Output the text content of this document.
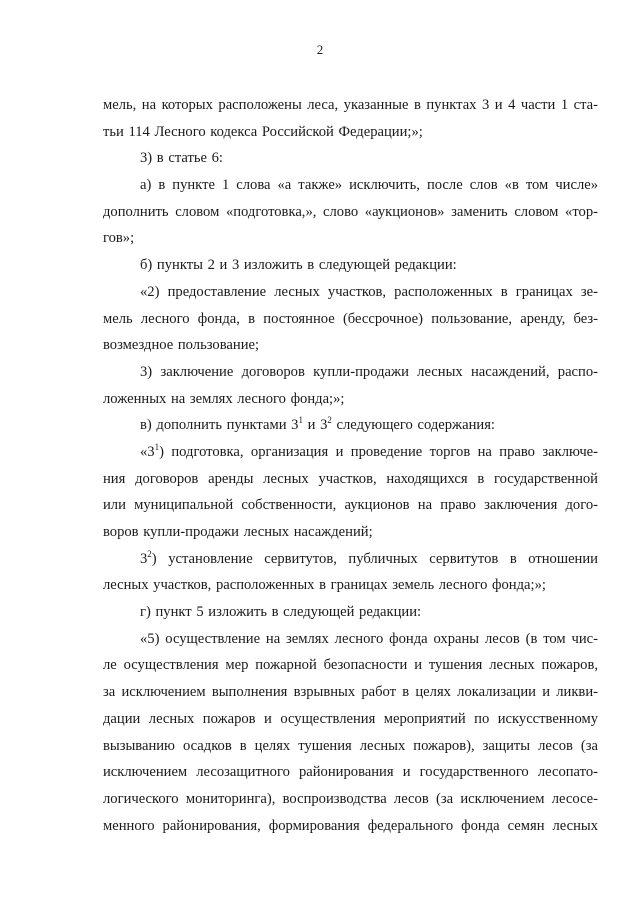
2
мель, на которых расположены леса, указанные в пунктах 3 и 4 части 1 ста-
тьи 114 Лесного кодекса Российской Федерации;»;
3) в статье 6:
а) в пункте 1 слова «а также» исключить, после слов «в том числе»
дополнить словом «подготовка,», слово «аукционов» заменить словом «тор-
гов»;
б) пункты 2 и 3 изложить в следующей редакции:
«2) предоставление лесных участков, расположенных в границах зе-
мель лесного фонда, в постоянное (бессрочное) пользование, аренду, без-
возмездное пользование;
3) заключение договоров купли-продажи лесных насаждений, распо-
ложенных на землях лесного фонда;»;
в) дополнить пунктами $3^1$ и $3^2$ следующего содержания:
«$3^1$) подготовка, организация и проведение торгов на право заключе-
ния договоров аренды лесных участков, находящихся в государственной
или муниципальной собственности, аукционов на право заключения дого-
воров купли-продажи лесных насаждений;
$3^2$) установление сервитутов, публичных сервитутов в отношении
лесных участков, расположенных в границах земель лесного фонда;»;
г) пункт 5 изложить в следующей редакции:
«5) осуществление на землях лесного фонда охраны лесов (в том чис-
ле осуществления мер пожарной безопасности и тушения лесных пожаров,
за исключением выполнения взрывных работ в целях локализации и ликви-
дации лесных пожаров и осуществления мероприятий по искусственному
вызыванию осадков в целях тушения лесных пожаров), защиты лесов (за
исключением лесозащитного районирования и государственного лесопато-
логического мониторинга), воспроизводства лесов (за исключением лесосе-
менного районирования, формирования федерального фонда семян лесных
